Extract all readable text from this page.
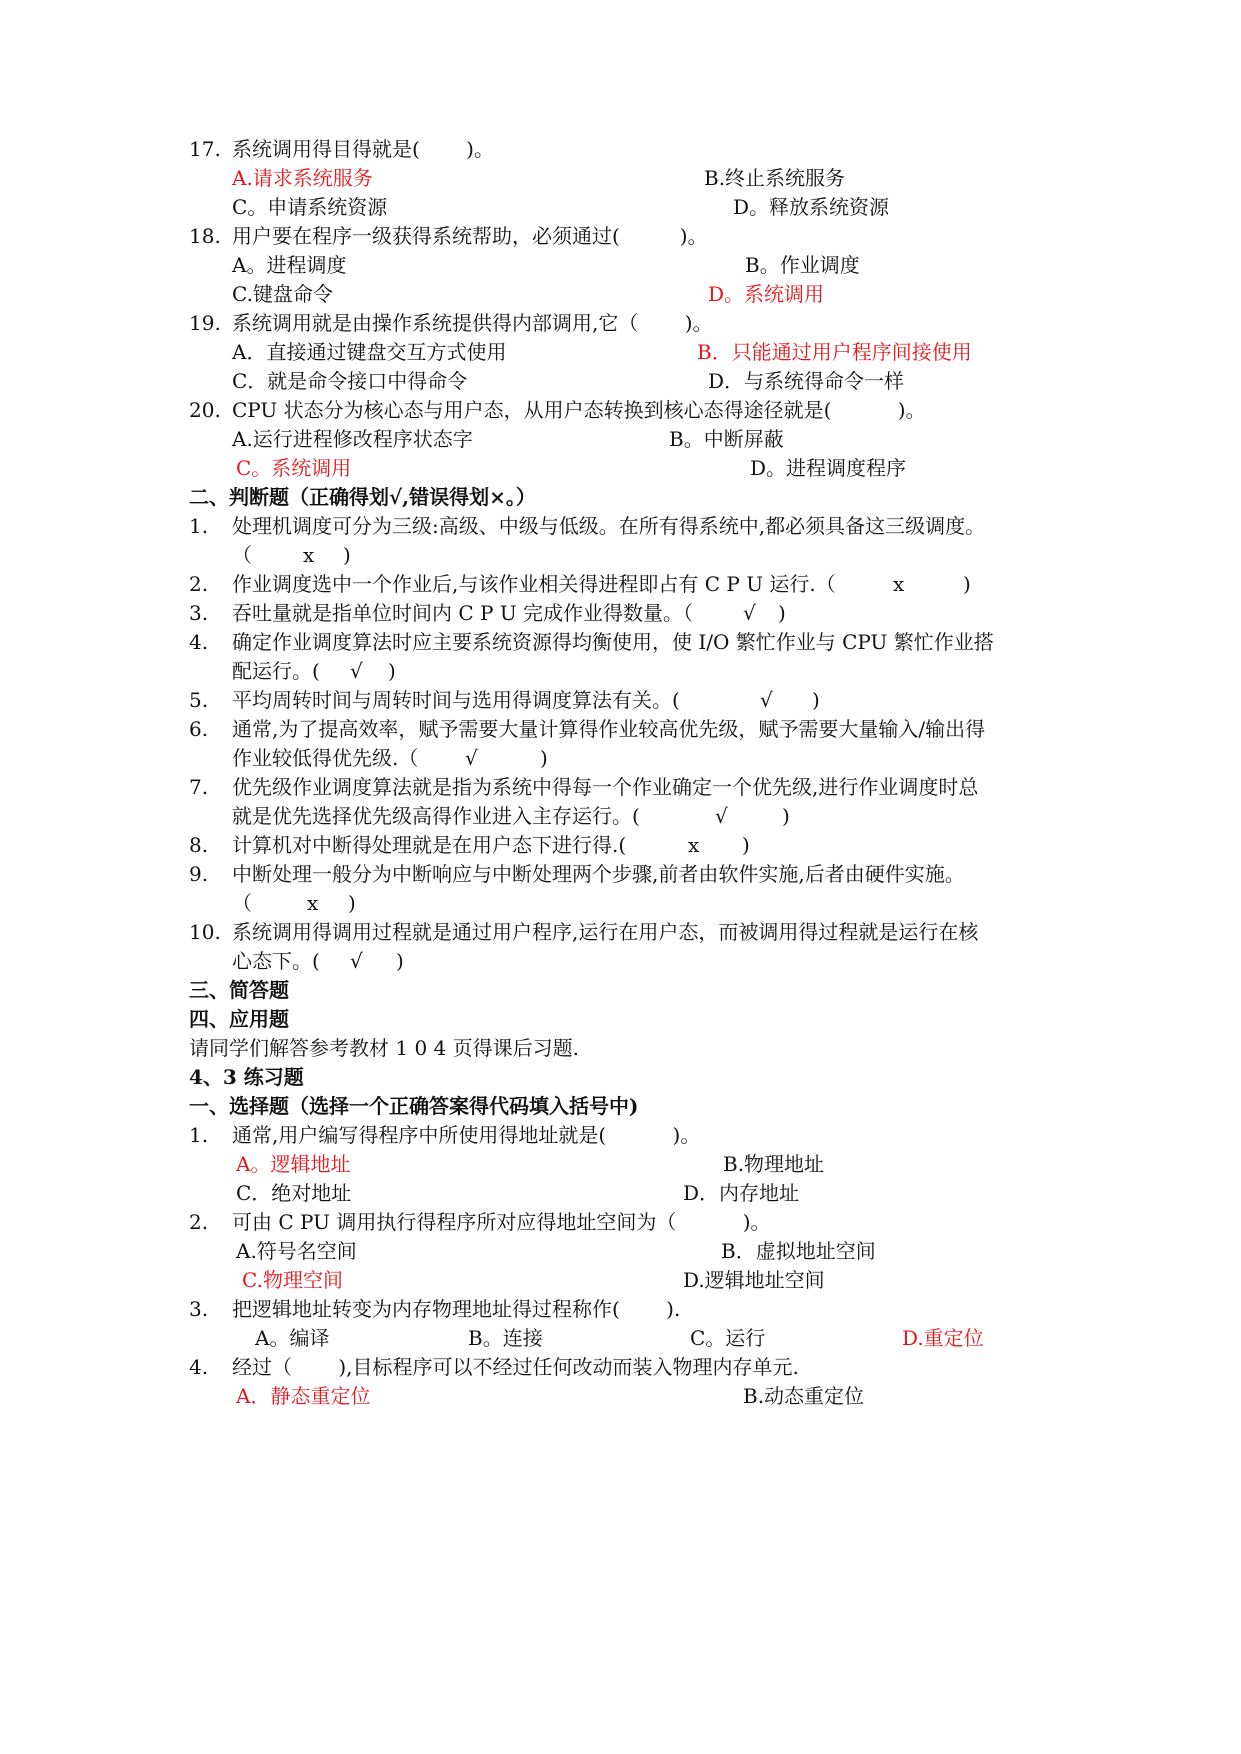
17. 系统调用得目得就是(　　 )。
A.请求系统服务	B.终止系统服务
C。申请系统资源	D。释放系统资源
18. 用户要在程序一级获得系统帮助，必须通过(　　　)。
A。进程调度	B。作业调度
C.键盘命令	D。系统调用
19. 系统调用就是由操作系统提供得内部调用,它（　　 )。
A．直接通过键盘交互方式使用	B．只能通过用户程序间接使用
C．就是命令接口中得命令	D．与系统得命令一样
20. CPU 状态分为核心态与用户态，从用户态转换到核心态得途径就是(　　　 )。
A.运行进程修改程序状态字	B。中断屏蔽
C。系统调用	D。进程调度程序
二、判断题（正确得划√,错误得划×。）
1. 处理机调度可分为三级:高级、中级与低级。在所有得系统中,都必须具备这三级调度。
（	x )
2. 作业调度选中一个作业后,与该作业相关得进程即占有 C P U 运行.（	x	)
3. 吞吐量就是指单位时间内 C P U 完成作业得数量。（ √ )
4. 确定作业调度算法时应主要系统资源得均衡使用，使 I/O 繁忙作业与 CPU 繁忙作业搭
配运行。( √ )
5. 平均周转时间与周转时间与选用得调度算法有关。(	√ )
6. 通常,为了提高效率，赋予需要大量计算得作业较高优先级，赋予需要大量输入/输出得
作业较低得优先级.（ √	)
7. 优先级作业调度算法就是指为系统中得每一个作业确定一个优先级,进行作业调度时总
就是优先选择优先级高得作业进入主存运行。(	√	)
8. 计算机对中断得处理就是在用户态下进行得.(	x )
9. 中断处理一般分为中断响应与中断处理两个步骤,前者由软件实施,后者由硬件实施。
（	x )
10. 系统调用得调用过程就是通过用户程序,运行在用户态，而被调用得过程就是运行在核
心态下。( √ )
三、简答题
四、应用题
请同学们解答参考教材 1 0 4 页得课后习题.
4、3 练习题
一、选择题（选择一个正确答案得代码填入括号中)
1. 通常,用户编写得程序中所使用得地址就是(　　　 )。
A。逻辑地址	B.物理地址
C．绝对地址	D．内存地址
2. 可由 C PU 调用执行得程序所对应得地址空间为（　　　 )。
A.符号名空间	B．虚拟地址空间
C.物理空间	D.逻辑地址空间
3. 把逻辑地址转变为内存物理地址得过程称作(　　 ).
A。编译	B。连接	C。运行	D.重定位
4. 经过（　　 ),目标程序可以不经过任何改动而装入物理内存单元.
A．静态重定位	B.动态重定位
